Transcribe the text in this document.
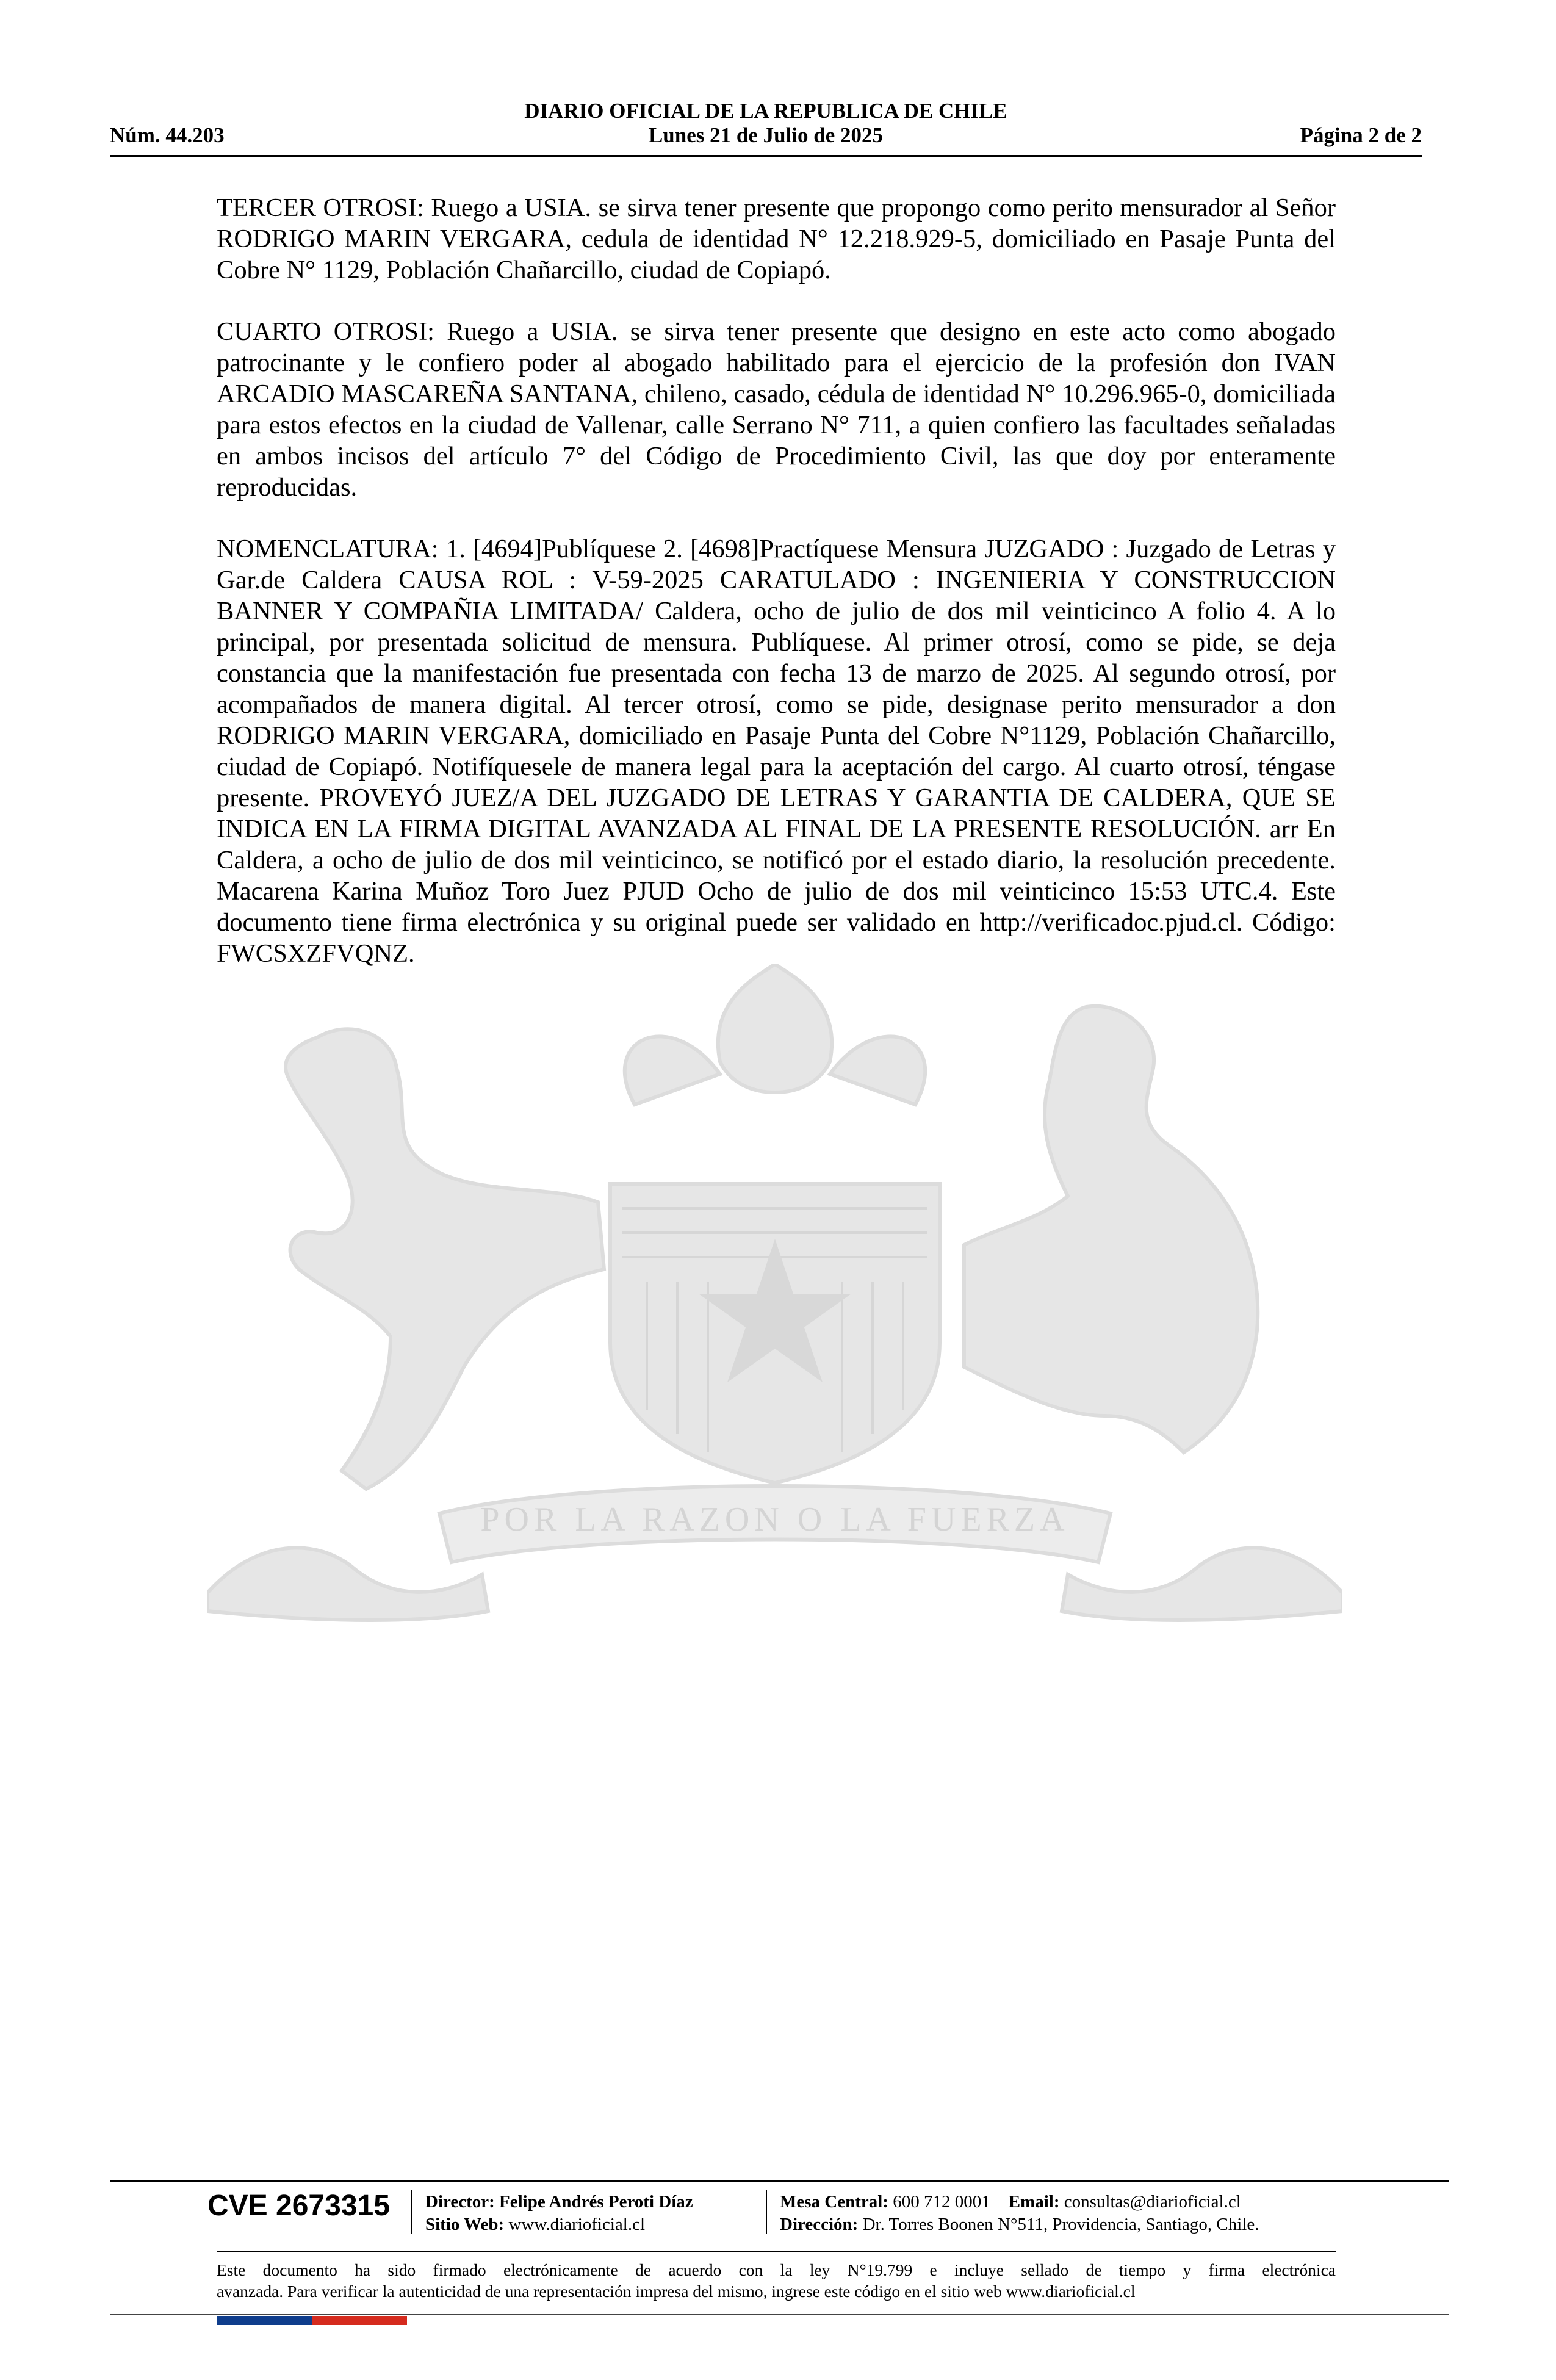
DIARIO OFICIAL DE LA REPUBLICA DE CHILE
Núm. 44.203	Lunes 21 de Julio de 2025	Página 2 de 2
POR LA RAZON O LA FUERZA

TERCER OTROSI: Ruego a USIA. se sirva tener presente que propongo como perito mensurador al Señor RODRIGO MARIN VERGARA, cedula de identidad N° 12.218.929-5, domiciliado en Pasaje Punta del Cobre N° 1129, Población Chañarcillo, ciudad de Copiapó.

CUARTO OTROSI: Ruego a USIA. se sirva tener presente que designo en este acto como abogado patrocinante y le confiero poder al abogado habilitado para el ejercicio de la profesión don IVAN ARCADIO MASCAREÑA SANTANA, chileno, casado, cédula de identidad N° 10.296.965-0, domiciliada para estos efectos en la ciudad de Vallenar, calle Serrano N° 711, a quien confiero las facultades señaladas en ambos incisos del artículo 7° del Código de Procedimiento Civil, las que doy por enteramente reproducidas.

NOMENCLATURA: 1. [4694]Publíquese 2. [4698]Practíquese Mensura JUZGADO : Juzgado de Letras y Gar.de Caldera CAUSA ROL : V-59-2025 CARATULADO : INGENIERIA Y CONSTRUCCION BANNER Y COMPAÑIA LIMITADA/ Caldera, ocho de julio de dos mil veinticinco A folio 4. A lo principal, por presentada solicitud de mensura. Publíquese. Al primer otrosí, como se pide, se deja constancia que la manifestación fue presentada con fecha 13 de marzo de 2025. Al segundo otrosí, por acompañados de manera digital. Al tercer otrosí, como se pide, designase perito mensurador a don RODRIGO MARIN VERGARA, domiciliado en Pasaje Punta del Cobre N°1129, Población Chañarcillo, ciudad de Copiapó. Notifíquesele de manera legal para la aceptación del cargo. Al cuarto otrosí, téngase presente. PROVEYÓ JUEZ/A DEL JUZGADO DE LETRAS Y GARANTIA DE CALDERA, QUE SE INDICA EN LA FIRMA DIGITAL AVANZADA AL FINAL DE LA PRESENTE RESOLUCIÓN. arr En Caldera, a ocho de julio de dos mil veinticinco, se notificó por el estado diario, la resolución precedente. Macarena Karina Muñoz Toro Juez PJUD Ocho de julio de dos mil veinticinco 15:53 UTC.4. Este documento tiene firma electrónica y su original puede ser validado en http://verificadoc.pjud.cl. Código: FWCSXZFVQNZ.

CVE 2673315 Director: Felipe Andrés Peroti Díaz
Sitio Web: www.diarioficial.cl
Mesa Central: 600 712 0001 Email: consultas@diarioficial.cl
Dirección: Dr. Torres Boonen N°511, Providencia, Santiago, Chile.
Este documento ha sido firmado electrónicamente de acuerdo con la ley N°19.799 e incluye sellado de tiempo y firma electrónica
avanzada. Para verificar la autenticidad de una representación impresa del mismo, ingrese este código en el sitio web www.diarioficial.cl
